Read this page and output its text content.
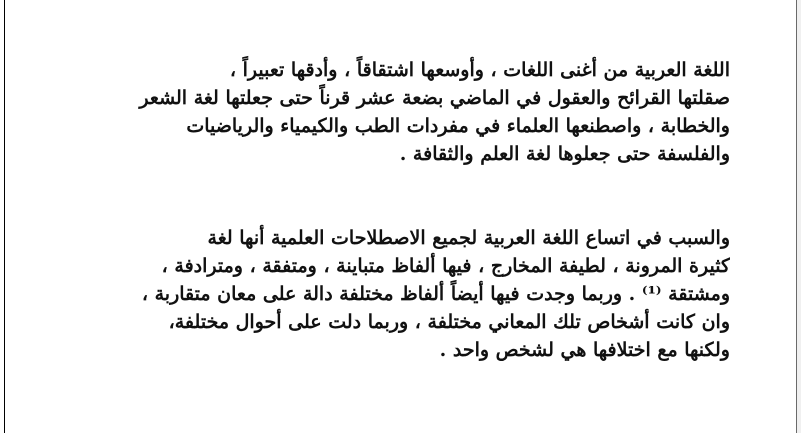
اللغة العربية من أغنى اللغات ، وأوسعها اشتقاقاً ، وأدقها تعبيراً ،
صقلتها القرائح والعقول في الماضي بضعة عشر قرناً حتى جعلتها لغة الشعر
والخطابة ، واصطنعها العلماء في مفردات الطب والكيمياء والرياضيات
والفلسفة حتى جعلوها لغة العلم والثقافة .
والسبب في اتساع اللغة العربية لجميع الاصطلاحات العلمية أنها لغة
كثيرة المرونة ، لطيفة المخارج ، فيها ألفاظ متباينة ، ومتفقة ، ومترادفة ،
ومشتقة ⁽¹⁾ . وربما وجدت فيها أيضاً ألفاظ مختلفة دالة على معان متقاربة ،
وان كانت أشخاص تلك المعاني مختلفة ، وربما دلت على أحوال مختلفة،
ولكنها مع اختلافها هي لشخص واحد .
